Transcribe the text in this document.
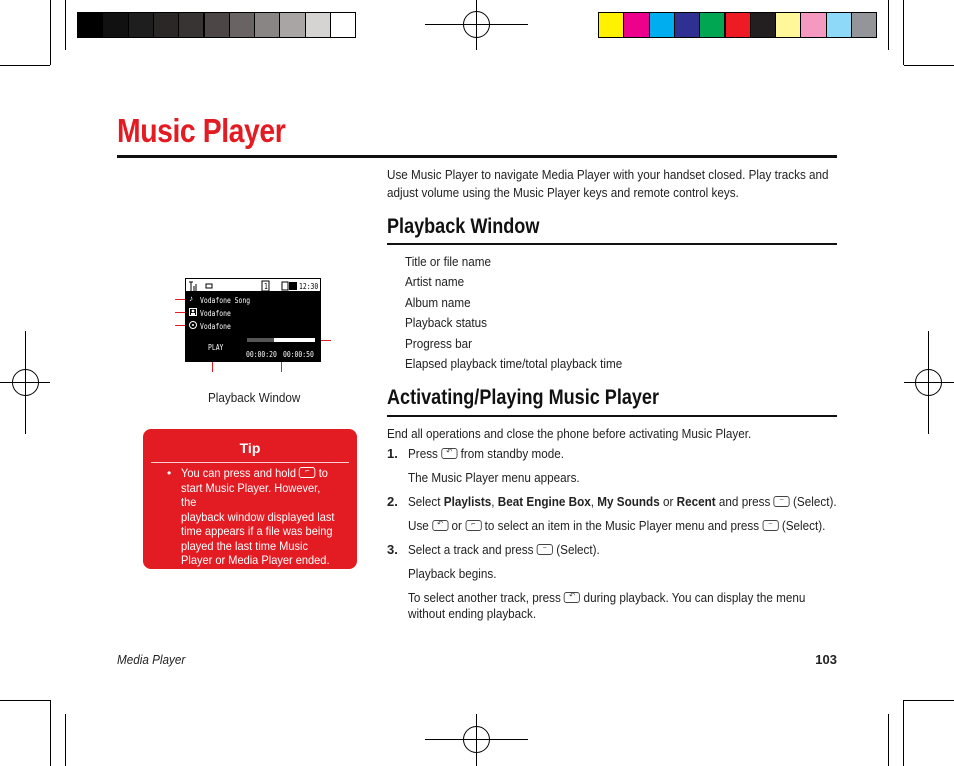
Music Player
Use Music Player to navigate Media Player with your handset closed. Play tracks and
adjust volume using the Music Player keys and remote control keys.
Playback Window
Title or file name
Artist name
Album name
Playback status
Progress bar
Elapsed playback time/total playback time
1	12:30
♪ Vodafone Song
Vodafone
Vodafone
PLAY
00:00:20 00:00:50
Playback Window
Tip
• You can press and hold	⌐ to
start Music Player. However, the
playback window displayed last
time appears if a file was being
played the last time Music
Player or Media Player ended.
Activating/Playing Music Player
End all operations and close the phone before activating Music Player.
1. Press	↶ from standby mode.
The Music Player menu appears.
2. Select Playlists, Beat Engine Box, My Sounds or Recent and press	⎯ (Select).
Use	↶ or	⌐ to select an item in the Music Player menu and press	⎯ (Select).
3. Select a track and press	⎯ (Select).
Playback begins.
To select another track, press	↶ during playback. You can display the menu
without ending playback.
Media Player	103
